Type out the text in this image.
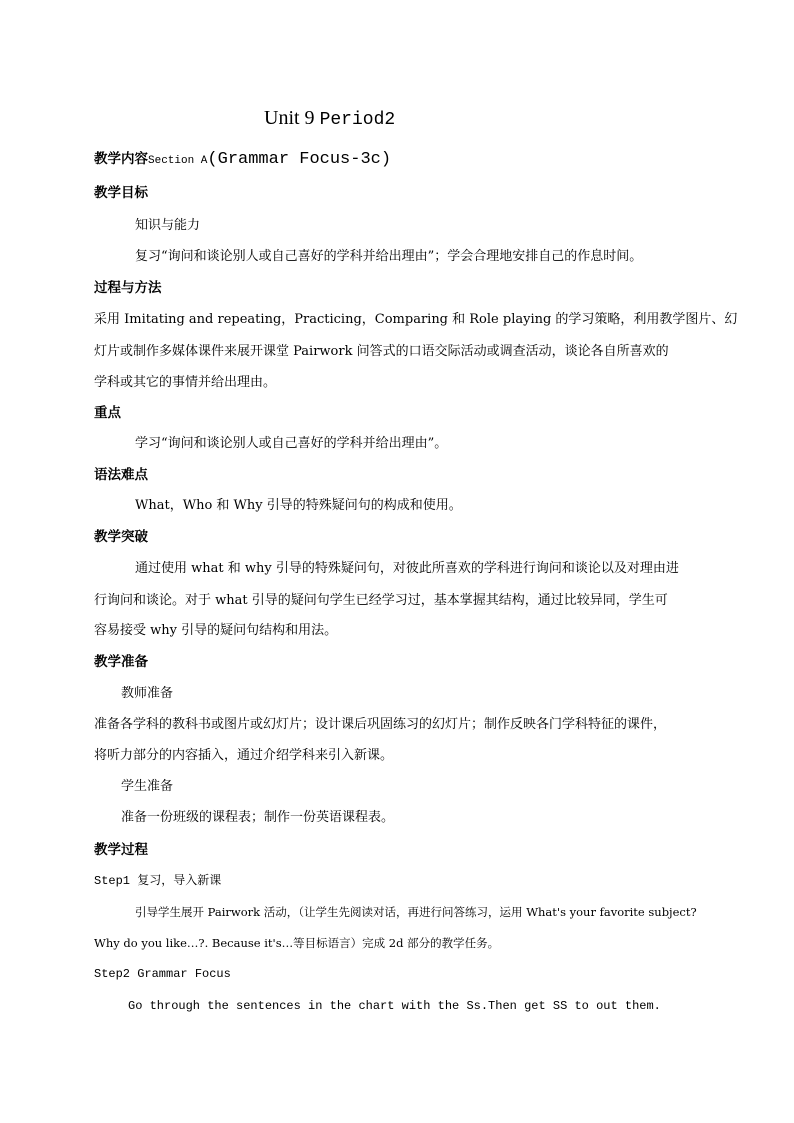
Unit 9 Period2
教学内容Section A(Grammar Focus-3c)
教学目标
知识与能力
复习“询问和谈论别人或自己喜好的学科并给出理由”；学会合理地安排自己的作息时间。
过程与方法
采用 Imitating and repeating，Practicing，Comparing 和 Role playing 的学习策略，利用教学图片、幻
灯片或制作多媒体课件来展开课堂 Pairwork 问答式的口语交际活动或调查活动，谈论各自所喜欢的
学科或其它的事情并给出理由。
重点
学习“询问和谈论别人或自己喜好的学科并给出理由”。
语法难点
What，Who 和 Why 引导的特殊疑问句的构成和使用。
教学突破
通过使用 what 和 why 引导的特殊疑问句，对彼此所喜欢的学科进行询问和谈论以及对理由进
行询问和谈论。对于 what 引导的疑问句学生已经学习过，基本掌握其结构，通过比较异同，学生可
容易接受 why 引导的疑问句结构和用法。
教学准备
教师准备
准备各学科的教科书或图片或幻灯片；设计课后巩固练习的幻灯片；制作反映各门学科特征的课件，
将听力部分的内容插入，通过介绍学科来引入新课。
学生准备
准备一份班级的课程表；制作一份英语课程表。
教学过程
Step1 复习，导入新课
引导学生展开 Pairwork 活动，（让学生先阅读对话，再进行问答练习，运用 What's your favorite subject?
Why do you like…?. Because it's…等目标语言）完成 2d 部分的教学任务。
Step2 Grammar Focus
Go through the sentences in the chart with the Ss.Then get SS to out them.
